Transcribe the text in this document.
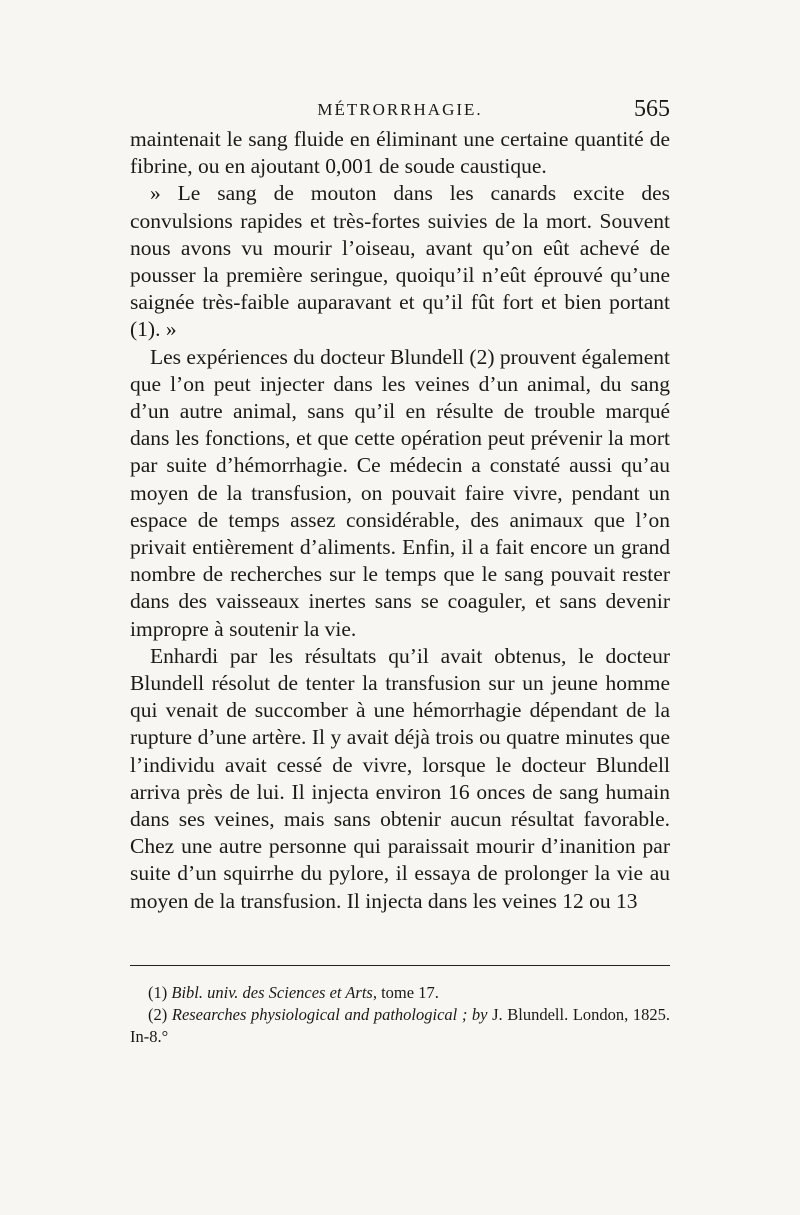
MÉTRORRHAGIE.	565

maintenait le sang fluide en éliminant une certaine quantité de fibrine, ou en ajoutant 0,001 de soude caustique.

» Le sang de mouton dans les canards excite des convulsions rapides et très-fortes suivies de la mort. Souvent nous avons vu mourir l’oiseau, avant qu’on eût achevé de pousser la première seringue, quoiqu’il n’eût éprouvé qu’une saignée très-faible auparavant et qu’il fût fort et bien portant (1). »

Les expériences du docteur Blundell (2) prouvent également que l’on peut injecter dans les veines d’un animal, du sang d’un autre animal, sans qu’il en résulte de trouble marqué dans les fonctions, et que cette opération peut prévenir la mort par suite d’hémorrhagie. Ce médecin a constaté aussi qu’au moyen de la transfusion, on pouvait faire vivre, pendant un espace de temps assez considérable, des animaux que l’on privait entièrement d’aliments. Enfin, il a fait encore un grand nombre de recherches sur le temps que le sang pouvait rester dans des vaisseaux inertes sans se coaguler, et sans devenir impropre à soutenir la vie.

Enhardi par les résultats qu’il avait obtenus, le docteur Blundell résolut de tenter la transfusion sur un jeune homme qui venait de succomber à une hémorrhagie dépendant de la rupture d’une artère. Il y avait déjà trois ou quatre minutes que l’individu avait cessé de vivre, lorsque le docteur Blundell arriva près de lui. Il injecta environ 16 onces de sang humain dans ses veines, mais sans obtenir aucun résultat favorable. Chez une autre personne qui paraissait mourir d’inanition par suite d’un squirrhe du pylore, il essaya de prolonger la vie au moyen de la transfusion. Il injecta dans les veines 12 ou 13

(1) Bibl. univ. des Sciences et Arts, tome 17.

(2) Researches physiological and pathological ; by J. Blundell. London, 1825. In-8.°
